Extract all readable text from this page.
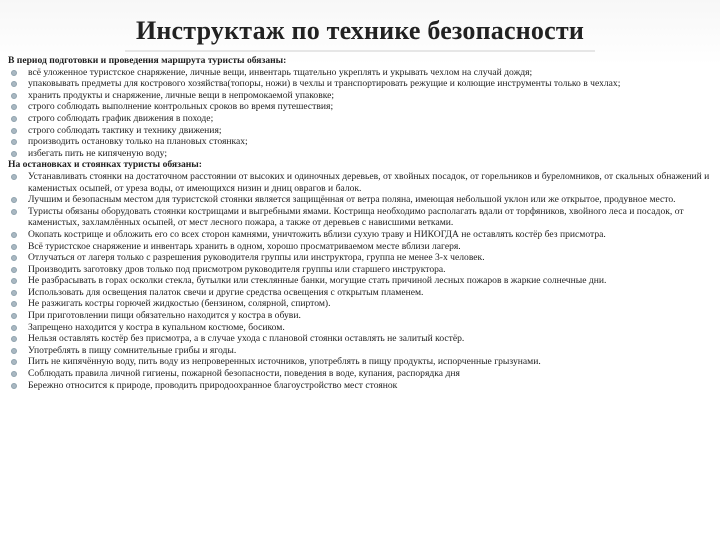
Инструктаж по технике безопасности
В период подготовки и проведения маршрута туристы обязаны:
всё уложенное туристское снаряжение, личные вещи, инвентарь тщательно укреплять и укрывать чехлом на случай дождя;
упаковывать предметы для кострового хозяйства(топоры, ножи) в чехлы и транспортировать режущие и колющие инструменты только в чехлах;
хранить продукты и снаряжение, личные вещи в непромокаемой упаковке;
строго соблюдать выполнение контрольных сроков во время путешествия;
строго соблюдать график движения в походе;
строго соблюдать тактику и технику движения;
производить остановку только на плановых стоянках;
избегать пить не кипяченую воду;
На остановках и стоянках туристы обязаны:
Устанавливать стоянки на достаточном расстоянии от высоких и одиночных деревьев, от хвойных посадок, от горельников и буреломников, от скальных обнажений и каменистых осыпей, от уреза воды, от имеющихся низин и дниц оврагов и балок.
Лучшим и безопасным местом для туристской стоянки является защищённая от ветра поляна, имеющая небольшой уклон или же открытое, продувное место.
Туристы обязаны оборудовать стоянки кострищами и выгребными ямами. Кострища необходимо располагать вдали от торфяников, хвойного леса и посадок, от каменистых, захламлённых осыпей, от мест лесного пожара, а также от деревьев с нависшими ветками.
Окопать кострище и обложить его со всех сторон камнями, уничтожить вблизи сухую траву и НИКОГДА не оставлять костёр без присмотра.
Всё туристское снаряжение и инвентарь хранить в одном, хорошо просматриваемом месте вблизи лагеря.
Отлучаться от лагеря только с разрешения руководителя группы или инструктора, группа не менее 3-х человек.
Производить заготовку дров только под присмотром руководителя группы или старшего инструктора.
Не разбрасывать в горах осколки стекла, бутылки или стеклянные банки, могущие стать причиной лесных пожаров в жаркие солнечные дни.
Использовать для освещения палаток свечи и другие средства освещения с открытым пламенем.
Не разжигать костры горючей жидкостью (бензином, солярной, спиртом).
При приготовлении пищи обязательно находится у костра в обуви.
Запрещено находится у костра в купальном костюме, босиком.
Нельзя оставлять костёр без присмотра, а в случае ухода с плановой стоянки оставлять не залитый костёр.
Употреблять в пищу сомнительные грибы и ягоды.
Пить не кипячённую воду, пить воду из непроверенных источников, употреблять в пищу продукты, испорченные грызунами.
Соблюдать правила личной гигиены, пожарной безопасности, поведения в воде, купания, распорядка дня
Бережно относится к природе, проводить природоохранное благоустройство мест стоянок
